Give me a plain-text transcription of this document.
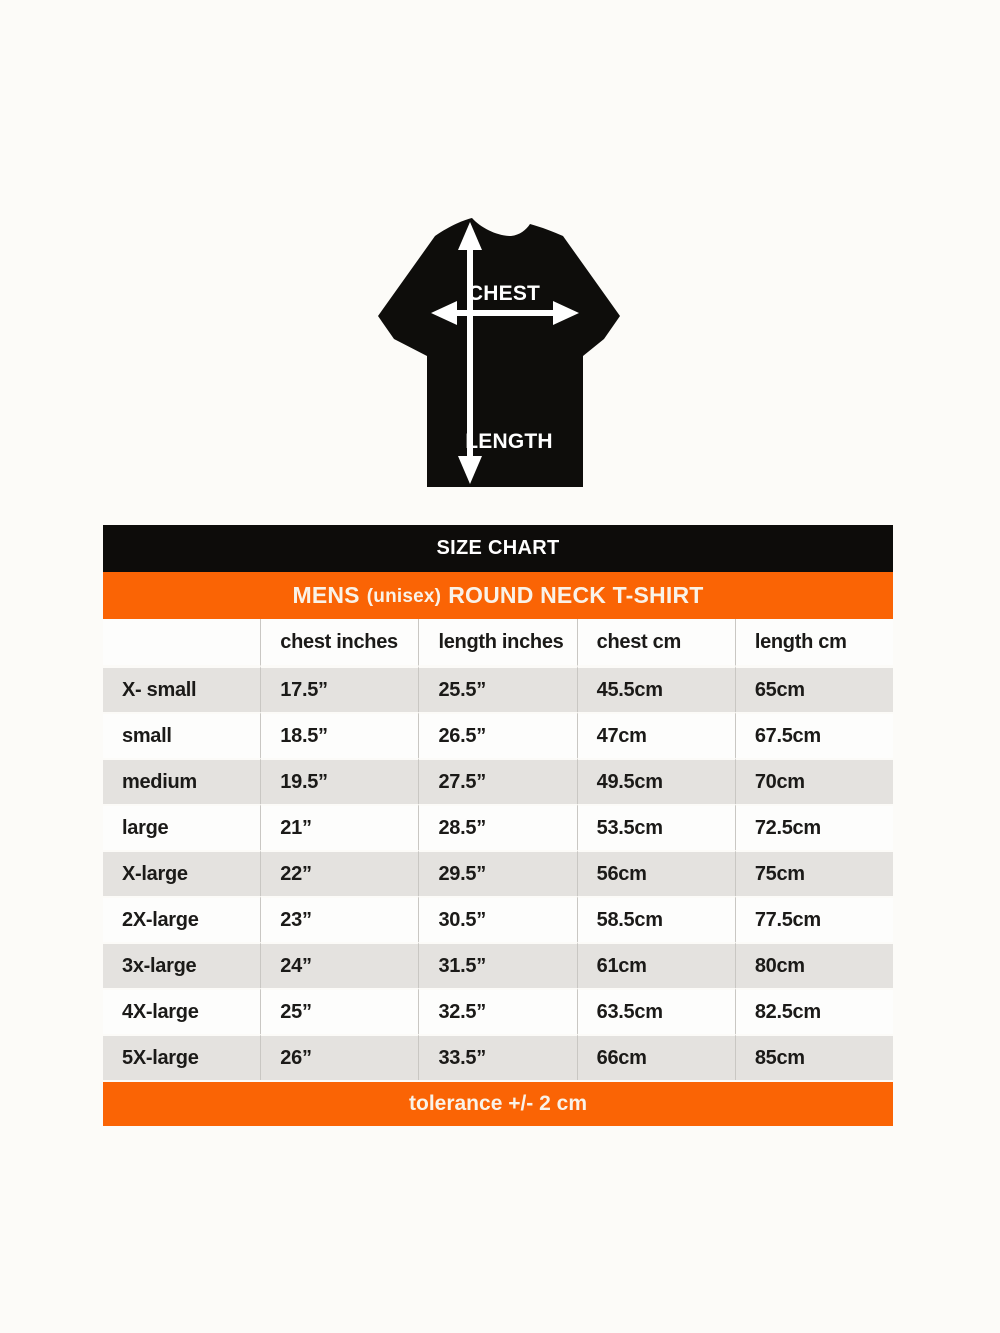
CHEST
LENGTH
SIZE CHART
MENS (unisex) ROUND NECK T-SHIRT
	chest inches	length inches	chest cm	length cm
X- small	17.5”	25.5”	45.5cm	65cm
small	18.5”	26.5”	47cm	67.5cm
medium	19.5”	27.5”	49.5cm	70cm
large	21”	28.5”	53.5cm	72.5cm
X-large	22”	29.5”	56cm	75cm
2X-large	23”	30.5”	58.5cm	77.5cm
3x-large	24”	31.5”	61cm	80cm
4X-large	25”	32.5”	63.5cm	82.5cm
5X-large	26”	33.5”	66cm	85cm
tolerance +/- 2 cm
